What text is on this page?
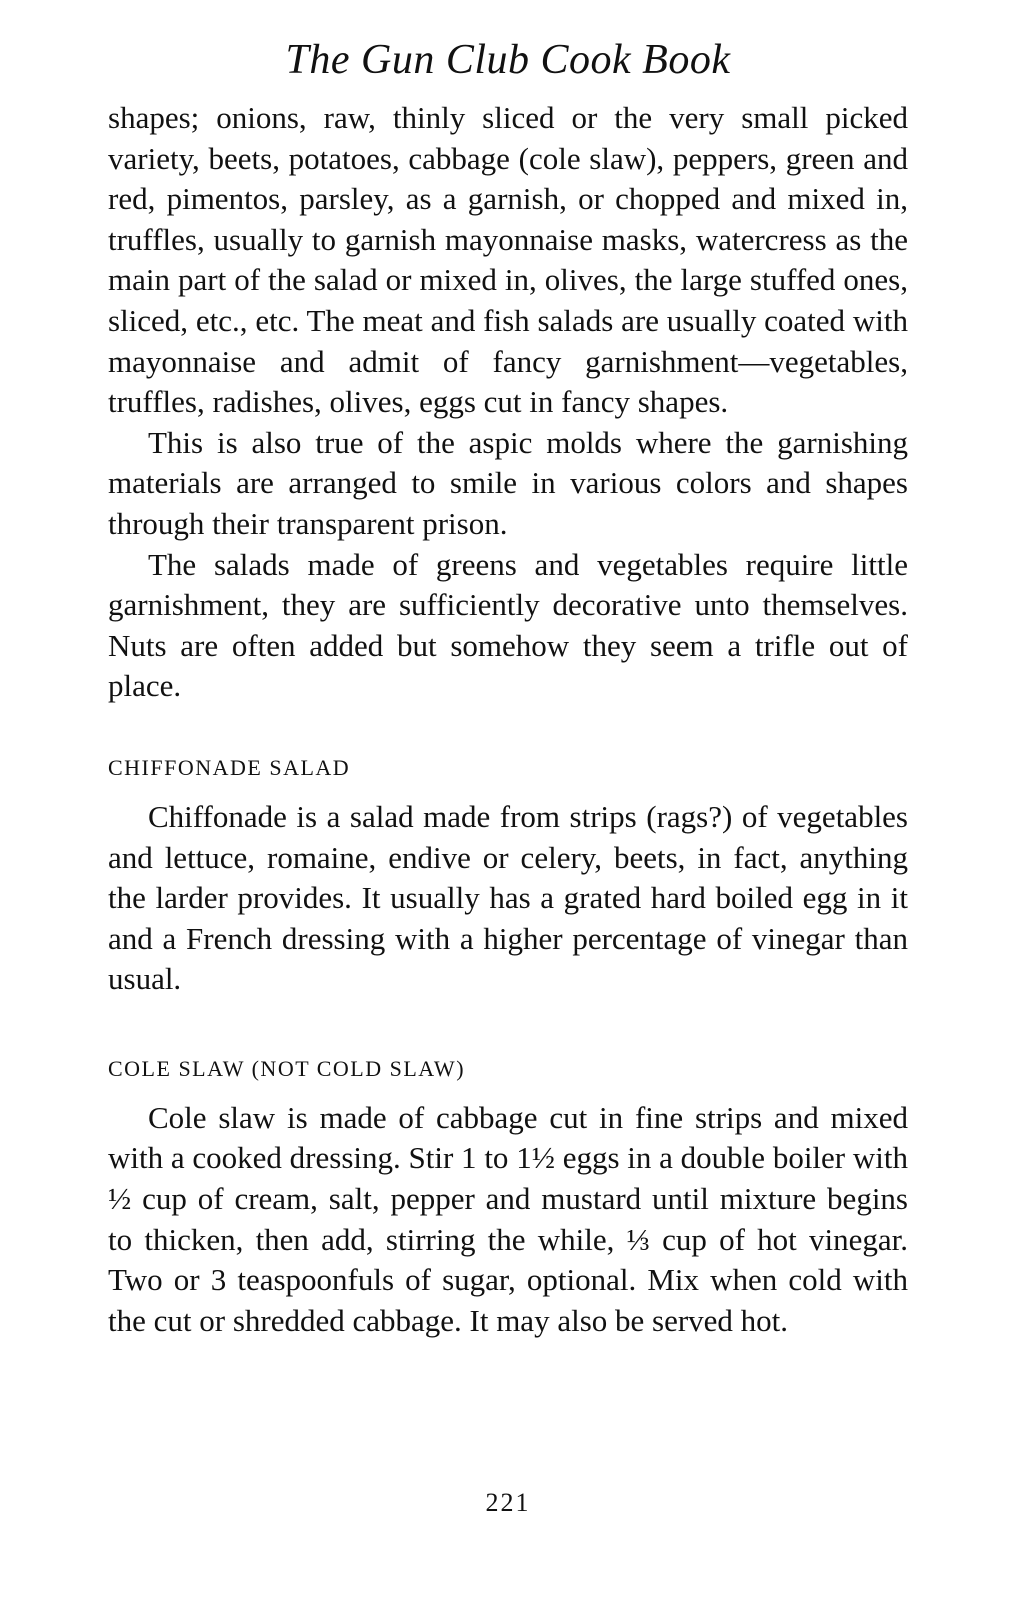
The Gun Club Cook Book

shapes; onions, raw, thinly sliced or the very small picked variety, beets, potatoes, cabbage (cole slaw), peppers, green and red, pimentos, parsley, as a garnish, or chopped and mixed in, truffles, usually to garnish mayonnaise masks, watercress as the main part of the salad or mixed in, olives, the large stuffed ones, sliced, etc., etc. The meat and fish salads are usually coated with mayonnaise and admit of fancy garnishment—vegetables, truffles, radishes, olives, eggs cut in fancy shapes.

This is also true of the aspic molds where the garnishing materials are arranged to smile in various colors and shapes through their transparent prison.

The salads made of greens and vegetables require little garnishment, they are sufficiently decorative unto themselves. Nuts are often added but somehow they seem a trifle out of place.

CHIFFONADE SALAD

Chiffonade is a salad made from strips (rags?) of vegetables and lettuce, romaine, endive or celery, beets, in fact, anything the larder provides. It usually has a grated hard boiled egg in it and a French dressing with a higher percentage of vinegar than usual.

COLE SLAW (NOT COLD SLAW)

Cole slaw is made of cabbage cut in fine strips and mixed with a cooked dressing. Stir 1 to 1½ eggs in a double boiler with ½ cup of cream, salt, pepper and mustard until mixture begins to thicken, then add, stirring the while, ⅓ cup of hot vinegar. Two or 3 teaspoonfuls of sugar, optional. Mix when cold with the cut or shredded cabbage. It may also be served hot.

221
